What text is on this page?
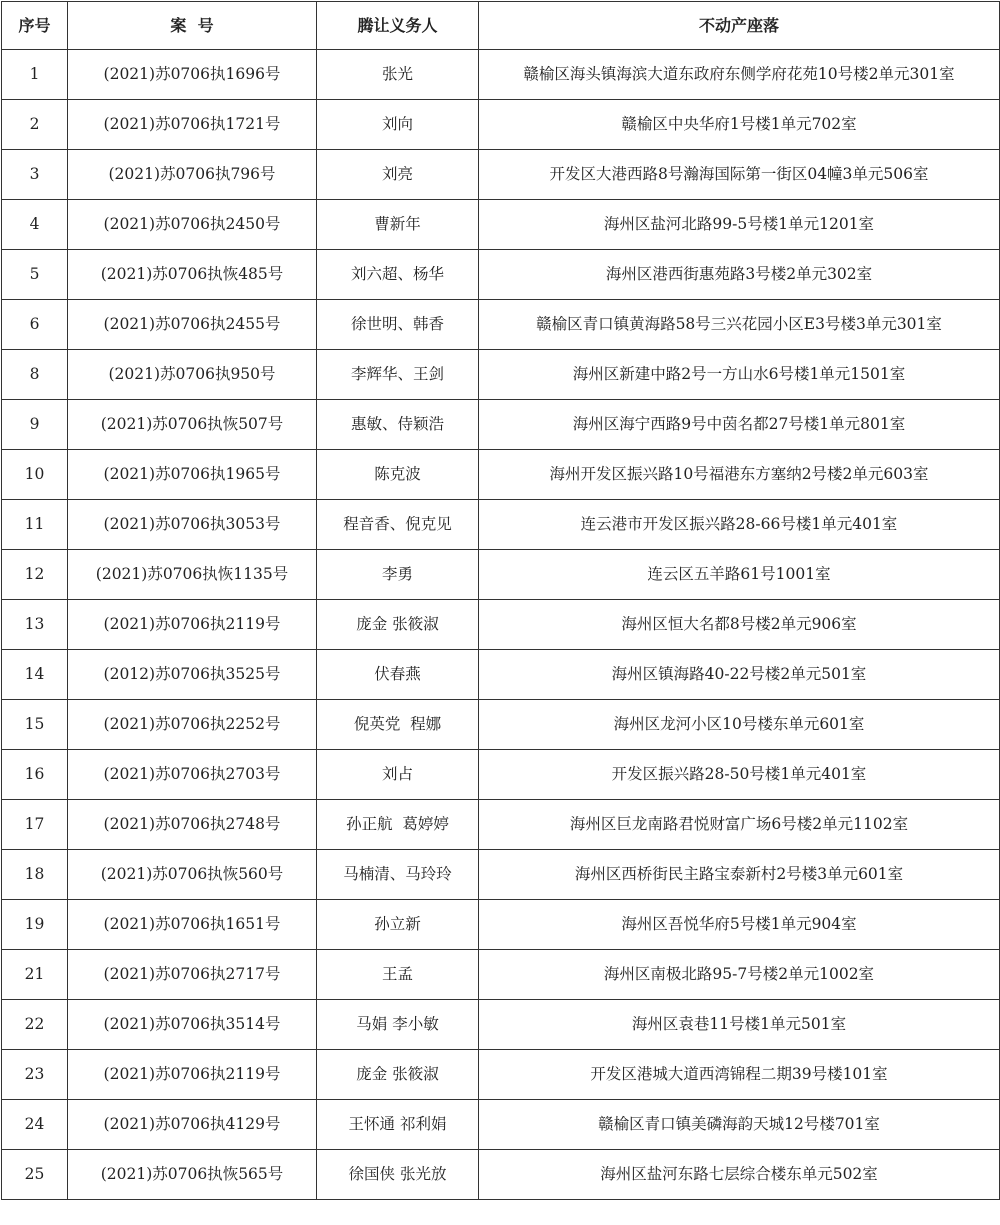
序号	案  号	腾让义务人	不动产座落
1	(2021)苏0706执1696号	张光	赣榆区海头镇海滨大道东政府东侧学府花苑10号楼2单元301室
2	(2021)苏0706执1721号	刘向	赣榆区中央华府1号楼1单元702室
3	(2021)苏0706执796号	刘亮	开发区大港西路8号瀚海国际第一街区04幢3单元506室
4	(2021)苏0706执2450号	曹新年	海州区盐河北路99-5号楼1单元1201室
5	(2021)苏0706执恢485号	刘六超、杨华	海州区港西街惠苑路3号楼2单元302室
6	(2021)苏0706执2455号	徐世明、韩香	赣榆区青口镇黄海路58号三兴花园小区E3号楼3单元301室
8	(2021)苏0706执950号	李辉华、王剑	海州区新建中路2号一方山水6号楼1单元1501室
9	(2021)苏0706执恢507号	惠敏、侍颖浩	海州区海宁西路9号中茵名都27号楼1单元801室
10	(2021)苏0706执1965号	陈克波	海州开发区振兴路10号福港东方塞纳2号楼2单元603室
11	(2021)苏0706执3053号	程音香、倪克见	连云港市开发区振兴路28-66号楼1单元401室
12	(2021)苏0706执恢1135号	李勇	连云区五羊路61号1001室
13	(2021)苏0706执2119号	庞金 张筱淑	海州区恒大名都8号楼2单元906室
14	(2012)苏0706执3525号	伏春燕	海州区镇海路40-22号楼2单元501室
15	(2021)苏0706执2252号	倪英党  程娜	海州区龙河小区10号楼东单元601室
16	(2021)苏0706执2703号	刘占	开发区振兴路28-50号楼1单元401室
17	(2021)苏0706执2748号	孙正航  葛婷婷	海州区巨龙南路君悦财富广场6号楼2单元1102室
18	(2021)苏0706执恢560号	马楠清、马玲玲	海州区西桥街民主路宝泰新村2号楼3单元601室
19	(2021)苏0706执1651号	孙立新	海州区吾悦华府5号楼1单元904室
21	(2021)苏0706执2717号	王孟	海州区南极北路95-7号楼2单元1002室
22	(2021)苏0706执3514号	马娟 李小敏	海州区袁巷11号楼1单元501室
23	(2021)苏0706执2119号	庞金 张筱淑	开发区港城大道西湾锦程二期39号楼101室
24	(2021)苏0706执4129号	王怀通 祁利娟	赣榆区青口镇美磷海韵天城12号楼701室
25	(2021)苏0706执恢565号	徐国侠 张光放	海州区盐河东路七层综合楼东单元502室
